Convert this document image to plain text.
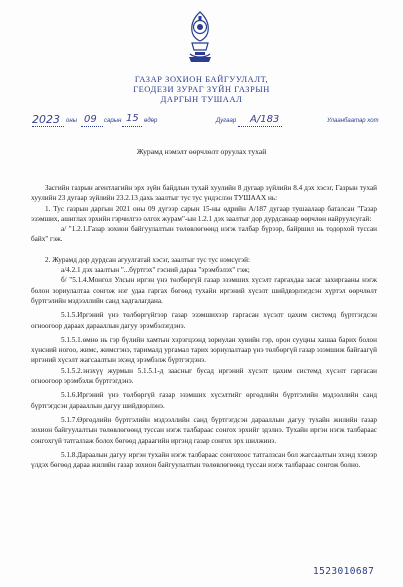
ГАЗАР ЗОХИОН БАЙГУУЛАЛТ,
ГЕОДЕЗИ ЗУРАГ ЗҮЙН ГАЗРЫН
ДАРГЫН ТУШААЛ
2023 оны 09 сарын 15 өдөр	Дугаар А/183	Улаанбаатар хот
Журамд нэмэлт өөрчлөлт оруулах тухай

Засгийн газрын агентлагийн эрх зүйн байдлын тухай хуулийн 8 дугаар зүйлийн 8.4 дэх хэсэг, Газрын тухай хуулийн 23 дугаар зүйлийн 23.2.13 дахь заалтыг тус тус үндэслэн ТУШААХ нь:

1. Тус газрын даргын 2021 оны 09 дүгээр сарын 15-ны өдрийн А/187 дугаар тушаалаар баталсан "Газар эзэмших, ашиглах эрхийн гэрчилгээ олгох журам"-ын 1.2.1 дэх заалтыг дор дурдсанаар өөрчлөн найруулсугай:

а/ "1.2.1.Газар зохион байгуулалтын төлөвлөгөөнд нэгж талбар бүрээр, байршил нь тодорхой туссан байх" гэж.

2. Журамд дор дурдсан агуулгатай хэсэг, заалтыг тус тус нэмсүгэй:

а/4.2.1 дэх заалтын "...бүртгэх" гэсний дараа "эрэмбэлэх" гэж;

б/ "5.1.4.Монгол Улсын иргэн үнэ төлбөргүй газар эзэмших хүсэлт гаргахдаа засаг захиргааны нэгж болон зориулалтаа сонгож нэг удаа гаргах бөгөөд тухайн иргэний хүсэлт шийдвэрлэгдсэн хүртэл өөрчлөлт бүртгэлийн мэдээллийн санд хадгалагдана.

5.1.5.Иргэний үнэ төлбөргүйгээр газар эзэмшихээр гаргасан хүсэлт цахим системд бүртгэгдсэн огноогоор дараах дарааллын дагуу эрэмбэлэгдэнэ.

5.1.5.1.өмнө нь гэр бүлийн хамтын хэрэгцээнд зориулан хувийн гэр, орон сууцны хашаа барих болон хүнсний ногоо, жимс, жимсгэнэ, тарималд ургамал тарих зориулалтаар үнэ төлбөргүй газар эзэмшиж байгаагүй иргэний хүсэлт жагсаалтын эхэнд эрэмбэлж бүртгэгдэнэ.

5.1.5.2.энэхүү журмын 5.1.5.1-д заасныг бусад иргэний хүсэлт цахим системд хүсэлт гаргасан огноогоор эрэмбэлж бүртгэгдэнэ.

5.1.6.Иргэний үнэ төлбөргүй газар эзэмших хүсэлтийг өргөдлийн бүртгэлийн мэдээллийн санд бүртгэгдсэн дарааллын дагуу шийдвэрлэнэ.

5.1.7.Өргөдлийн бүртгэлийн мэдээллийн санд бүртгэгдсэн дарааллын дагуу тухайн жилийн газар зохион байгуулалтын төлөвлөгөөнд туссан нэгж талбараас сонгох эрхийг эдэлнэ. Тухайн иргэн нэгж талбараас сонгохгүй татгалзаж болох бөгөөд дараагийн иргэнд газар сонгох эрх шилжинэ.

5.1.8.Дараалын дагуу иргэн тухайн нэгж талбараас сонгохоос татгалзсан бол жагсаалтын эхэнд хэвээр үлдэх бөгөөд дараа жилийн газар зохион байгуулалтын төлөвлөгөөнд туссан нэгж талбараас сонгож болно.

1523010687
